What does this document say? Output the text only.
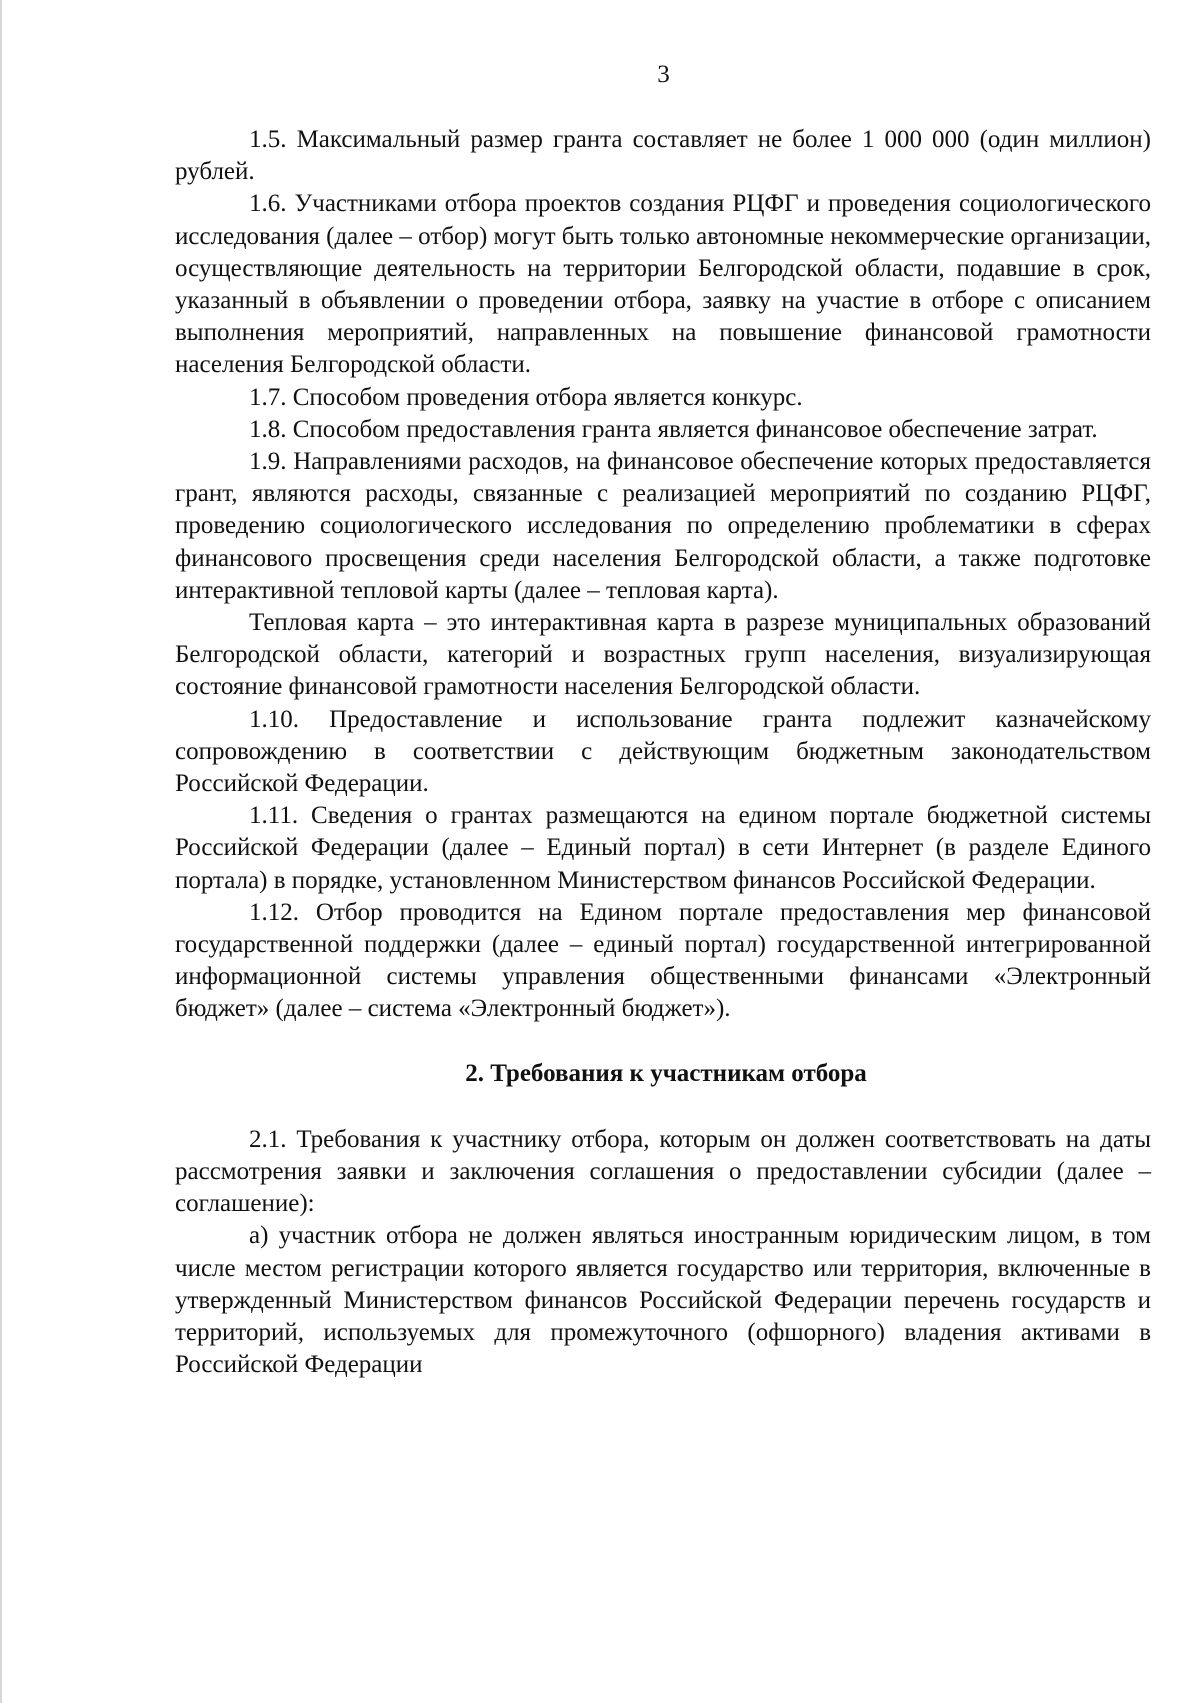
3

1.5. Максимальный размер гранта составляет не более 1 000 000 (один миллион) рублей.

1.6. Участниками отбора проектов создания РЦФГ и проведения социологического исследования (далее – отбор) могут быть только автономные некоммерческие организации, осуществляющие деятельность на территории Белгородской области, подавшие в срок, указанный в объявлении о проведении отбора, заявку на участие в отборе с описанием выполнения мероприятий, направленных на повышение финансовой грамотности населения Белгородской области.

1.7. Способом проведения отбора является конкурс.

1.8. Способом предоставления гранта является финансовое обеспечение затрат.

1.9. Направлениями расходов, на финансовое обеспечение которых предоставляется грант, являются расходы, связанные с реализацией мероприятий по созданию РЦФГ, проведению социологического исследования по определению проблематики в сферах финансового просвещения среди населения Белгородской области, а также подготовке интерактивной тепловой карты (далее – тепловая карта).

Тепловая карта – это интерактивная карта в разрезе муниципальных образований Белгородской области, категорий и возрастных групп населения, визуализирующая состояние финансовой грамотности населения Белгородской области.

1.10. Предоставление и использование гранта подлежит казначейскому сопровождению в соответствии с действующим бюджетным законодательством Российской Федерации.

1.11. Сведения о грантах размещаются на едином портале бюджетной системы Российской Федерации (далее – Единый портал) в сети Интернет (в разделе Единого портала) в порядке, установленном Министерством финансов Российской Федерации.

1.12. Отбор проводится на Едином портале предоставления мер финансовой государственной поддержки (далее – единый портал) государственной интегрированной информационной системы управления общественными финансами «Электронный бюджет» (далее – система «Электронный бюджет»).

2. Требования к участникам отбора

2.1. Требования к участнику отбора, которым он должен соответствовать на даты рассмотрения заявки и заключения соглашения о предоставлении субсидии (далее – соглашение):

а) участник отбора не должен являться иностранным юридическим лицом, в том числе местом регистрации которого является государство или территория, включенные в утвержденный Министерством финансов Российской Федерации перечень государств и территорий, используемых для промежуточного (офшорного) владения активами в Российской Федерации
